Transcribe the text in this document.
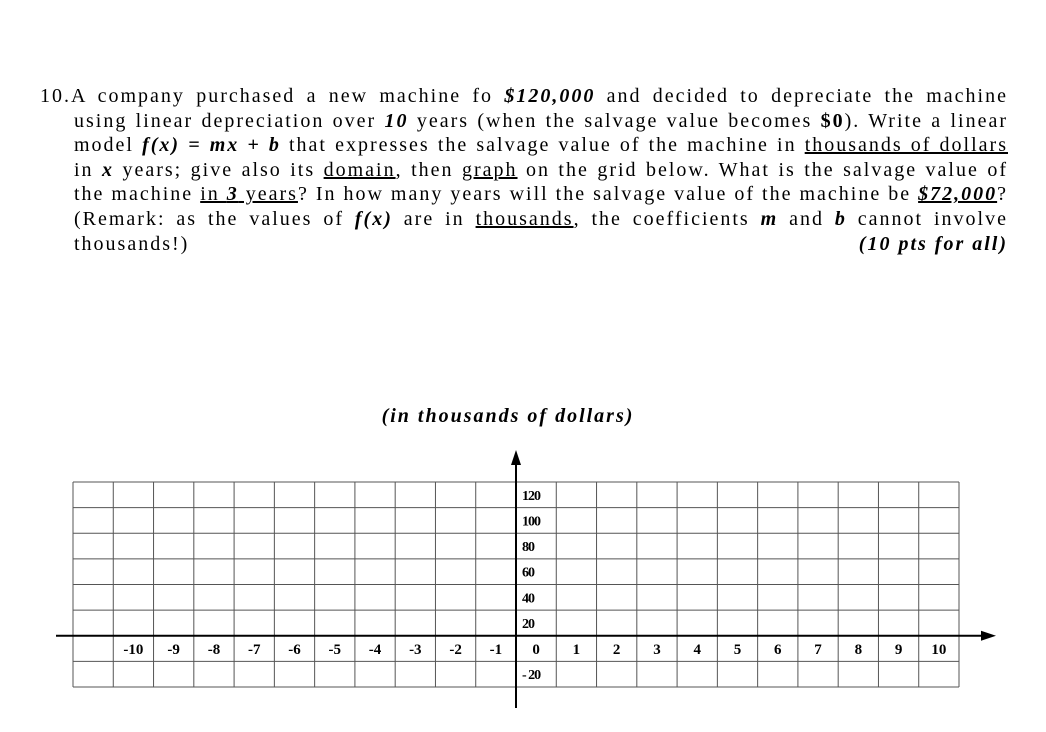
10.A company purchased a new machine fo $120,000 and decided to depreciate the machine using linear depreciation over 10 years (when the salvage value becomes $0). Write a linear model f(x) = mx + b that expresses the salvage value of the machine in thousands of dollars in x years; give also its domain, then graph on the grid below. What is the salvage value of the machine in 3 years? In how many years will the salvage value of the machine be $72,000? (Remark: as the values of f(x) are in thousands, the coefficients m and b cannot involve thousands!)	(10 pts for all)

(in thousands of dollars)
-10 -9 -8 -7 -6 -5 -4 -3 -2 -1 0 1 2 3 4 5 6 7 8 9 10
120
100
80
60
40
20
- 20
